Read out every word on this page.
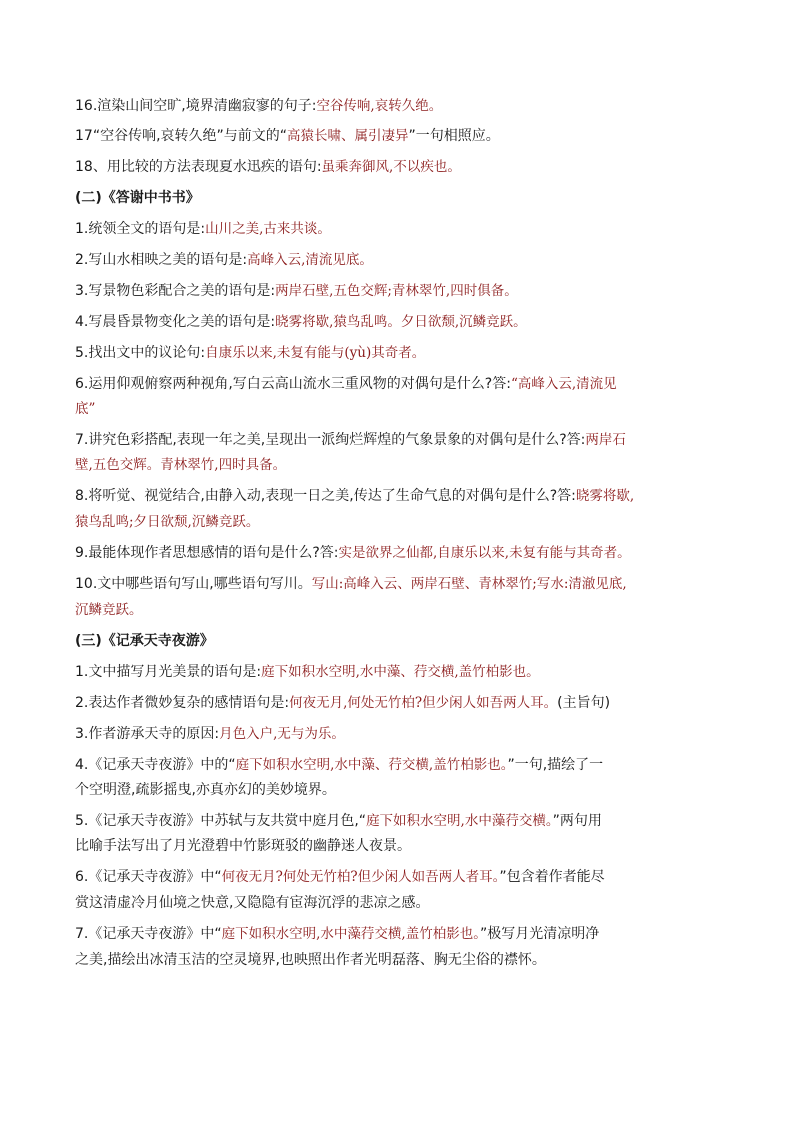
16.渲染山间空旷,境界清幽寂寥的句子:空谷传响,哀转久绝。
17“空谷传响,哀转久绝”与前文的“高猿长啸、属引凄异”一句相照应。
18、用比较的方法表现夏水迅疾的语句:虽乘奔御风,不以疾也。
(二)《答谢中书书》
1.统领全文的语句是:山川之美,古来共谈。
2.写山水相映之美的语句是:高峰入云,清流见底。
3.写景物色彩配合之美的语句是:两岸石壁,五色交辉;青林翠竹,四时俱备。
4.写晨昏景物变化之美的语句是:晓雾将歇,猿鸟乱鸣。夕日欲颓,沉鳞竞跃。
5.找出文中的议论句:自康乐以来,未复有能与(yù)其奇者。
6.运用仰观俯察两种视角,写白云高山流水三重风物的对偶句是什么?答:“高峰入云,清流见
底”
7.讲究色彩搭配,表现一年之美,呈现出一派绚烂辉煌的气象景象的对偶句是什么?答:两岸石
壁,五色交辉。青林翠竹,四时具备。
8.将听觉、视觉结合,由静入动,表现一日之美,传达了生命气息的对偶句是什么?答:晓雾将歇,
猿鸟乱鸣;夕日欲颓,沉鳞竞跃。
9.最能体现作者思想感情的语句是什么?答:实是欲界之仙都,自康乐以来,未复有能与其奇者。
10.文中哪些语句写山,哪些语句写川。写山:高峰入云、两岸石壁、青林翠竹;写水:清澈见底,
沉鳞竞跃。
(三)《记承天寺夜游》
1.文中描写月光美景的语句是:庭下如积水空明,水中藻、荇交横,盖竹柏影也。
2.表达作者微妙复杂的感情语句是:何夜无月,何处无竹柏?但少闲人如吾两人耳。(主旨句)
3.作者游承天寺的原因:月色入户,无与为乐。
4.《记承天寺夜游》中的“庭下如积水空明,水中藻、荇交横,盖竹柏影也。”一句,描绘了一
个空明澄,疏影摇曳,亦真亦幻的美妙境界。
5.《记承天寺夜游》中苏轼与友共赏中庭月色,“庭下如积水空明,水中藻荇交横。”两句用
比喻手法写出了月光澄碧中竹影斑驳的幽静迷人夜景。
6.《记承天寺夜游》中“何夜无月?何处无竹柏?但少闲人如吾两人者耳。”包含着作者能尽
赏这清虚冷月仙境之快意,又隐隐有宦海沉浮的悲凉之感。
7.《记承天寺夜游》中“庭下如积水空明,水中藻荇交横,盖竹柏影也。”极写月光清凉明净
之美,描绘出冰清玉洁的空灵境界,也映照出作者光明磊落、胸无尘俗的襟怀。
